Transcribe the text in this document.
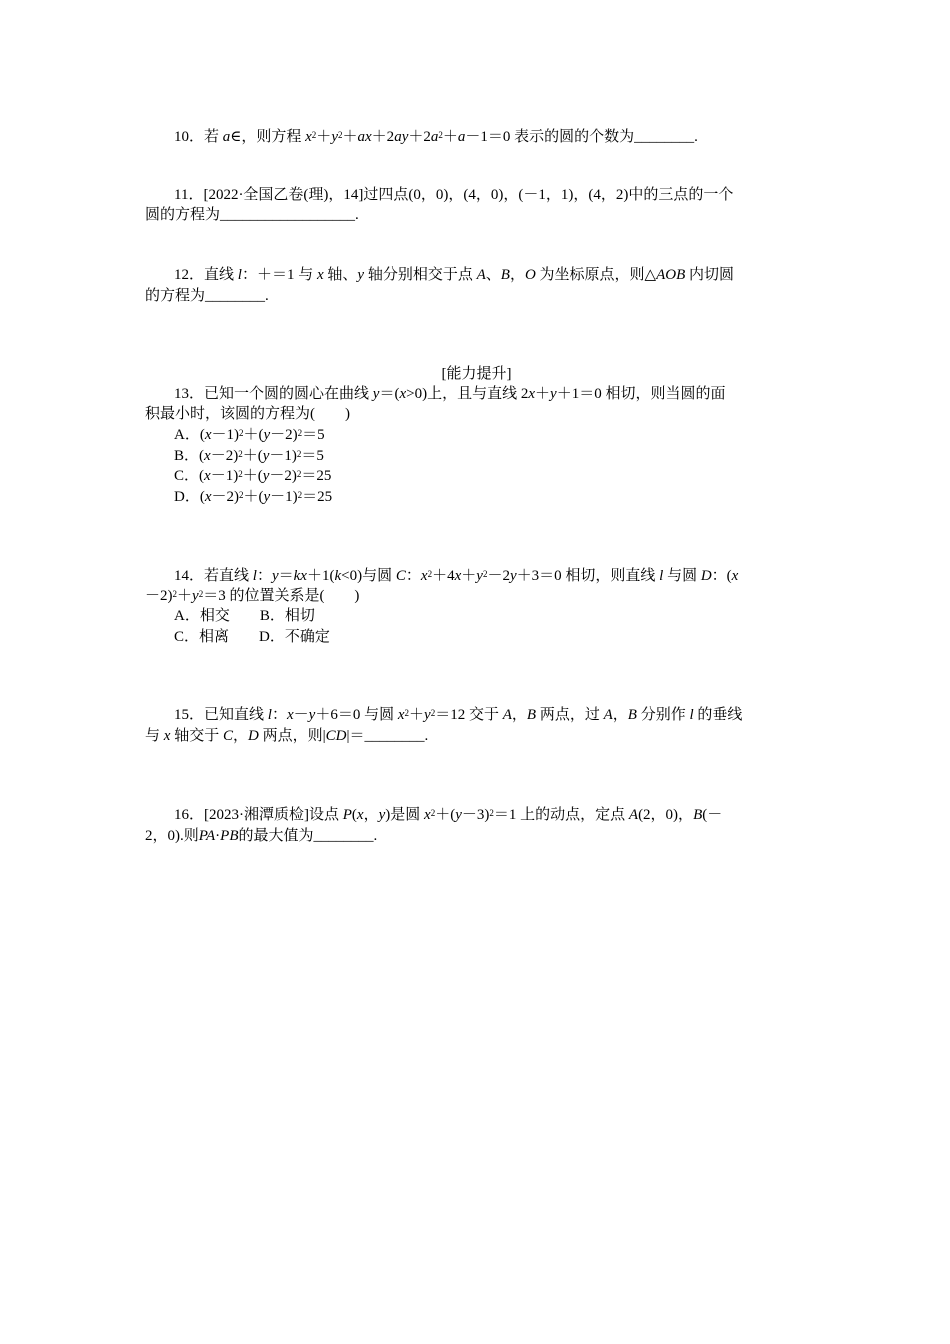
10．若 a∈，则方程 $x^2+y^2+ax+2ay+2a^2+a-1=0$ 表示的圆的个数为________.
11．[2022·全国乙卷(理)，14]过四点(0，0)，(4，0)，(－1，1)，(4，2)中的三点的一个
圆的方程为__________________.
12．直线 l：＋＝1 与 x 轴、y 轴分别相交于点 A、B，O 为坐标原点，则△AOB 内切圆
的方程为________.
[能力提升]
13．已知一个圆的圆心在曲线 y＝(x>0)上，且与直线 2x＋y＋1＝0 相切，则当圆的面
积最小时，该圆的方程为(　　)
A．$(x-1)^2+(y-2)^2=5$
B．$(x-2)^2+(y-1)^2=5$
C．$(x-1)^2+(y-2)^2=25$
D．$(x-2)^2+(y-1)^2=25$
14．若直线 l：y＝kx＋1(k<0)与圆 C：$x^2+4x+y^2-2y+3=0$ 相切，则直线 l 与圆 D：(x
$-2)^2+y^2=3$ 的位置关系是(　　)
A．相交　　B．相切
C．相离　　D．不确定
15．已知直线 l：x－y＋6＝0 与圆 $x^2+y^2=12$ 交于 A，B 两点，过 A，B 分别作 l 的垂线
与 x 轴交于 C，D 两点，则|CD|＝________.
16．[2023·湘潭质检]设点 P(x，y)是圆 $x^2+(y-3)^2=1$ 上的动点，定点 A(2，0)，B(－
2，0).则PA·PB的最大值为________.
